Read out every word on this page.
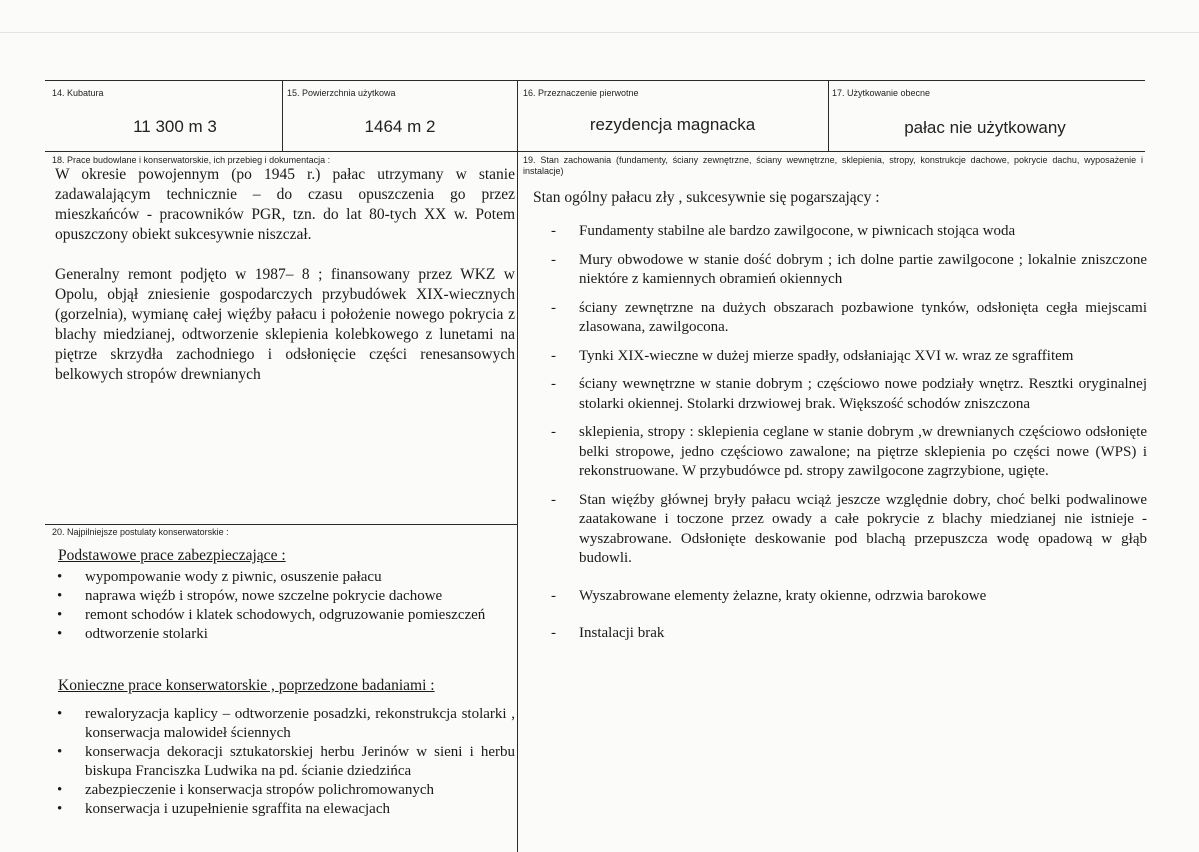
14. Kubatura
11 300 m 3
15. Powierzchnia użytkowa
1464 m 2
16. Przeznaczenie pierwotne
rezydencja magnacka
17. Użytkowanie obecne
pałac nie użytkowany
18. Prace budowlane i konserwatorskie, ich przebieg i dokumentacja :

W okresie powojennym (po 1945 r.) pałac utrzymany w stanie zadawalającym technicznie – do czasu opuszczenia go przez mieszkańców - pracowników PGR, tzn. do lat 80-tych XX w. Potem opuszczony obiekt sukcesywnie niszczał.

Generalny remont podjęto w 1987– 8 ; finansowany przez WKZ w Opolu, objął zniesienie gospodarczych przybudówek XIX-wiecznych (gorzelnia), wymianę całej więźby pałacu i położenie nowego pokrycia z blachy miedzianej, odtworzenie sklepienia kolebkowego z lunetami na piętrze skrzydła zachodniego i odsłonięcie części renesansowych belkowych stropów drewnianych

20. Najpilniejsze postulaty konserwatorskie :
Podstawowe prace zabezpieczające :
• wypompowanie wody z piwnic, osuszenie pałacu
• naprawa więźb i stropów, nowe szczelne pokrycie dachowe
• remont schodów i klatek schodowych, odgruzowanie pomieszczeń
• odtworzenie stolarki
Konieczne prace konserwatorskie , poprzedzone badaniami :
• rewaloryzacja kaplicy – odtworzenie posadzki, rekonstrukcja stolarki , konserwacja malowideł ściennych
• konserwacja dekoracji sztukatorskiej herbu Jerinów w sieni i herbu biskupa Franciszka Ludwika na pd. ścianie dziedzińca
• zabezpieczenie i konserwacja stropów polichromowanych
• konserwacja i uzupełnienie sgraffita na elewacjach
19. Stan zachowania (fundamenty, ściany zewnętrzne, ściany wewnętrzne, sklepienia, stropy, konstrukcje dachowe, pokrycie dachu, wyposażenie i instalacje)
Stan ogólny pałacu zły , sukcesywnie się pogarszający :
- Fundamenty stabilne ale bardzo zawilgocone, w piwnicach stojąca woda
- Mury obwodowe w stanie dość dobrym ; ich dolne partie zawilgocone ; lokalnie zniszczone niektóre z kamiennych obramień okiennych
- ściany zewnętrzne na dużych obszarach pozbawione tynków, odsłonięta cegła miejscami zlasowana, zawilgocona.
- Tynki XIX-wieczne w dużej mierze spadły, odsłaniając XVI w. wraz ze sgraffitem
- ściany wewnętrzne w stanie dobrym ; częściowo nowe podziały wnętrz. Resztki oryginalnej stolarki okiennej. Stolarki drzwiowej brak. Większość schodów zniszczona
- sklepienia, stropy : sklepienia ceglane w stanie dobrym ,w drewnianych częściowo odsłonięte belki stropowe, jedno częściowo zawalone; na piętrze sklepienia po części nowe (WPS) i rekonstruowane. W przybudówce pd. stropy zawilgocone zagrzybione, ugięte.
- Stan więźby głównej bryły pałacu wciąż jeszcze względnie dobry, choć belki podwalinowe zaatakowane i toczone przez owady a całe pokrycie z blachy miedzianej nie istnieje - wyszabrowane. Odsłonięte deskowanie pod blachą przepuszcza wodę opadową w głąb budowli.
- Wyszabrowane elementy żelazne, kraty okienne, odrzwia barokowe
- Instalacji brak
